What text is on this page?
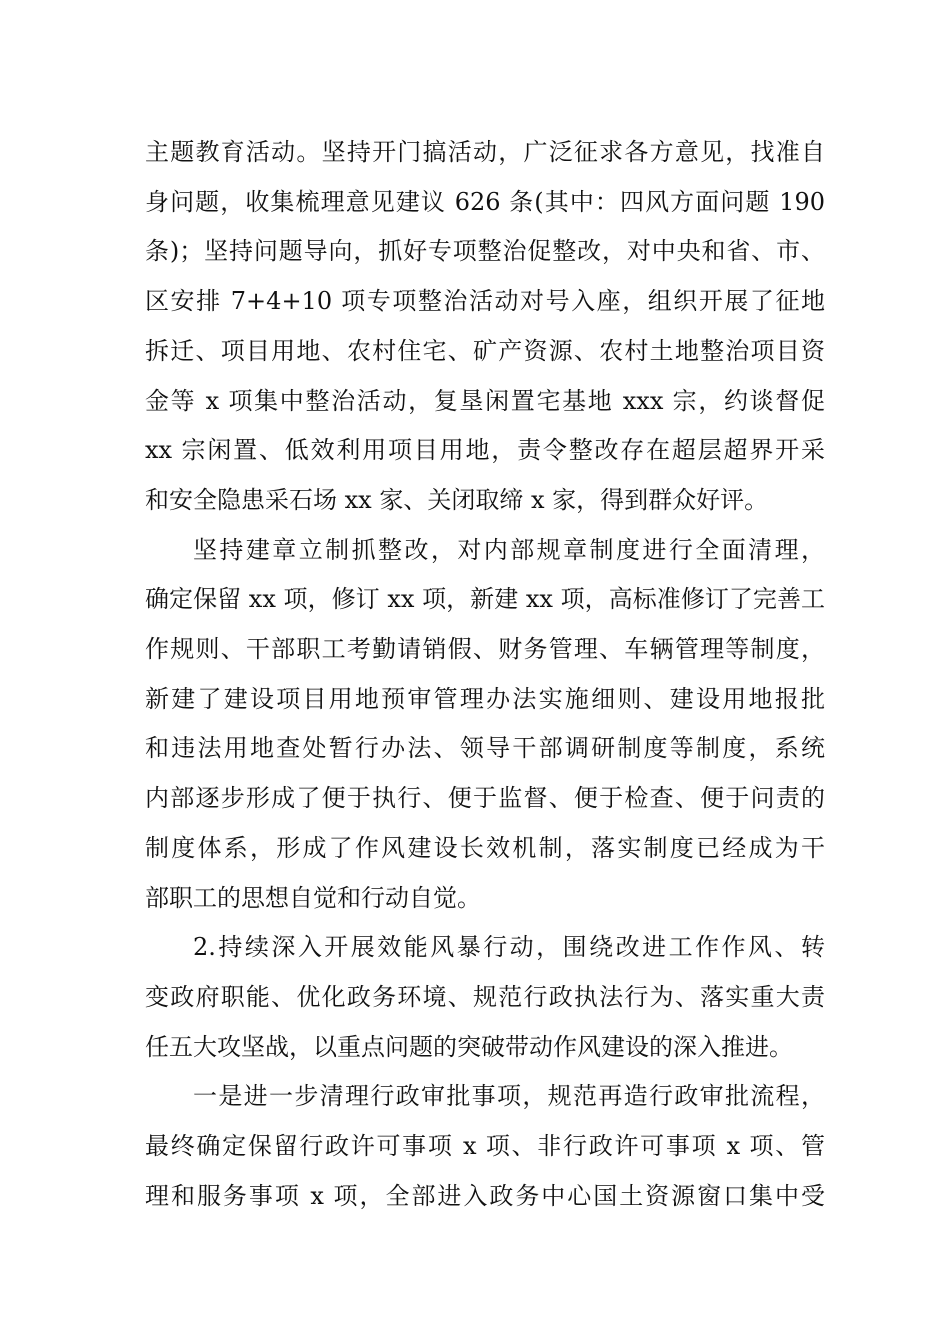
主题教育活动。坚持开门搞活动，广泛征求各方意见，找准自
身问题，收集梳理意见建议 626 条(其中：四风方面问题 190
条)；坚持问题导向，抓好专项整治促整改，对中央和省、市、
区安排 7+4+10 项专项整治活动对号入座，组织开展了征地
拆迁、项目用地、农村住宅、矿产资源、农村土地整治项目资
金等 x 项集中整治活动，复垦闲置宅基地 xxx 宗，约谈督促
xx 宗闲置、低效利用项目用地，责令整改存在超层超界开采
和安全隐患采石场 xx 家、关闭取缔 x 家，得到群众好评。

坚持建章立制抓整改，对内部规章制度进行全面清理，
确定保留 xx 项，修订 xx 项，新建 xx 项，高标准修订了完善工
作规则、干部职工考勤请销假、财务管理、车辆管理等制度，
新建了建设项目用地预审管理办法实施细则、建设用地报批
和违法用地查处暂行办法、领导干部调研制度等制度，系统
内部逐步形成了便于执行、便于监督、便于检查、便于问责的
制度体系，形成了作风建设长效机制，落实制度已经成为干
部职工的思想自觉和行动自觉。

2.持续深入开展效能风暴行动，围绕改进工作作风、转
变政府职能、优化政务环境、规范行政执法行为、落实重大责
任五大攻坚战，以重点问题的突破带动作风建设的深入推进。

一是进一步清理行政审批事项，规范再造行政审批流程，
最终确定保留行政许可事项 x 项、非行政许可事项 x 项、管
理和服务事项 x 项，全部进入政务中心国土资源窗口集中受
